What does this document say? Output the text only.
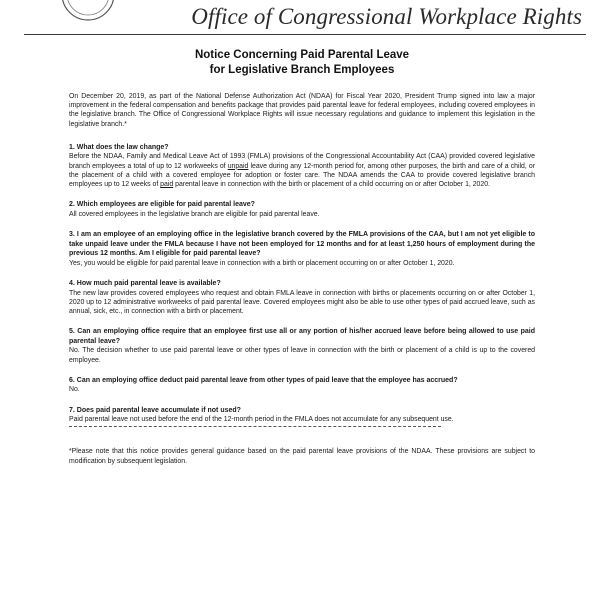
Office of Congressional Workplace Rights
Notice Concerning Paid Parental Leave
for Legislative Branch Employees

On December 20, 2019, as part of the National Defense Authorization Act (NDAA) for Fiscal Year 2020, President Trump signed into law a major improvement in the federal compensation and benefits package that provides paid parental leave for federal employees, including covered employees in the legislative branch. The Office of Congressional Workplace Rights will issue necessary regulations and guidance to implement this legislation in the legislative branch.*

1. What does the law change?

Before the NDAA, Family and Medical Leave Act of 1993 (FMLA) provisions of the Congressional Accountability Act (CAA) provided covered legislative branch employees a total of up to 12 workweeks of unpaid leave during any 12-month period for, among other purposes, the birth and care of a child, or the placement of a child with a covered employee for adoption or foster care. The NDAA amends the CAA to provide covered legislative branch employees up to 12 weeks of paid parental leave in connection with the birth or placement of a child occurring on or after October 1, 2020.

2. Which employees are eligible for paid parental leave?

All covered employees in the legislative branch are eligible for paid parental leave.

3. I am an employee of an employing office in the legislative branch covered by the FMLA provisions of the CAA, but I am not yet eligible to take unpaid leave under the FMLA because I have not been employed for 12 months and for at least 1,250 hours of employment during the previous 12 months. Am I eligible for paid parental leave?

Yes, you would be eligible for paid parental leave in connection with a birth or placement occurring on or after October 1, 2020.

4. How much paid parental leave is available?

The new law provides covered employees who request and obtain FMLA leave in connection with births or placements occurring on or after October 1, 2020 up to 12 administrative workweeks of paid parental leave. Covered employees might also be able to use other types of paid accrued leave, such as annual, sick, etc., in connection with a birth or placement.

5. Can an employing office require that an employee first use all or any portion of his/her accrued leave before being allowed to use paid parental leave?

No. The decision whether to use paid parental leave or other types of leave in connection with the birth or placement of a child is up to the covered employee.

6. Can an employing office deduct paid parental leave from other types of paid leave that the employee has accrued?

No.

7. Does paid parental leave accumulate if not used?

Paid parental leave not used before the end of the 12-month period in the FMLA does not accumulate for any subsequent use.

*Please note that this notice provides general guidance based on the paid parental leave provisions of the NDAA. These provisions are subject to modification by subsequent legislation.
